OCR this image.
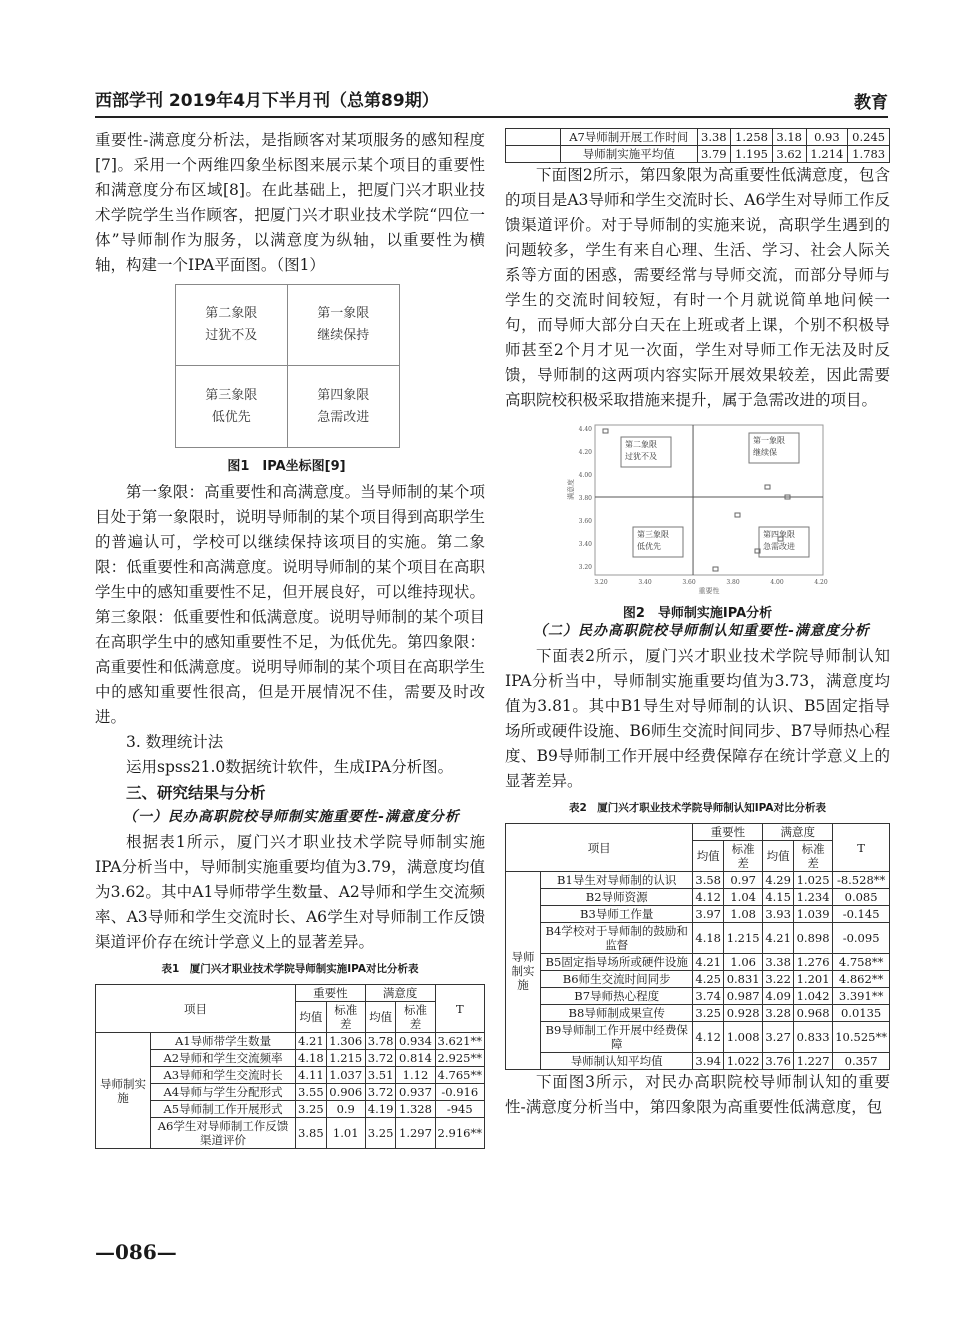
西部学刊 2019年4月下半月刊（总第89期）	教育

重要性-满意度分析法，是指顾客对某项服务的感知程度[7]。采用一个两维四象坐标图来展示某个项目的重要性和满意度分布区域[8]。在此基础上，把厦门兴才职业技术学院学生当作顾客，把厦门兴才职业技术学院“四位一体”导师制作为服务，以满意度为纵轴，以重要性为横轴，构建一个IPA平面图。（图1）

第二象限
过犹不及
第一象限
继续保持
第三象限
低优先
第四象限
急需改进
图1　IPA坐标图[9]

第一象限：高重要性和高满意度。当导师制的某个项目处于第一象限时，说明导师制的某个项目得到高职学生的普遍认可，学校可以继续保持该项目的实施。第二象限：低重要性和高满意度。说明导师制的某个项目在高职学生中的感知重要性不足，但开展良好，可以维持现状。第三象限：低重要性和低满意度。说明导师制的某个项目在高职学生中的感知重要性不足，为低优先。第四象限：高重要性和低满意度。说明导师制的某个项目在高职学生中的感知重要性很高，但是开展情况不佳，需要及时改进。

3. 数理统计法

运用spss21.0数据统计软件，生成IPA分析图。

三、研究结果与分析

（一）民办高职院校导师制实施重要性-满意度分析

根据表1所示，厦门兴才职业技术学院导师制实施IPA分析当中，导师制实施重要均值为3.79，满意度均值为3.62。其中A1导师带学生数量、A2导师和学生交流频率、A3导师和学生交流时长、A6学生对导师制工作反馈渠道评价存在统计学意义上的显著差异。

表1　厦门兴才职业技术学院导师制实施IPA对比分析表
项目		重要性		满意度		T
		均值	标准差	均值	标准差	
导师制实施	A1导师带学生数量	4.21	1.306	3.78	0.934	3.621**
	A2导师和学生交流频率	4.18	1.215	3.72	0.814	2.925**
	A3导师和学生交流时长	4.11	1.037	3.51	1.12	4.765**
	A4导师与学生分配形式	3.55	0.906	3.72	0.937	-0.916
	A5导师制工作开展形式	3.25	0.9	4.19	1.328	-945
	A6学生对导师制工作反馈渠道评价	3.85	1.01	3.25	1.297	2.916**
	A7导师制开展工作时间	3.38	1.258	3.18	0.93	0.245
	导师制实施平均值	3.79	1.195	3.62	1.214	1.783

下面图2所示，第四象限为高重要性低满意度，包含的项目是A3导师和学生交流时长、A6学生对导师工作反馈渠道评价。对于导师制的实施来说，高职学生遇到的问题较多，学生有来自心理、生活、学习、社会人际关系等方面的困惑，需要经常与导师交流，而部分导师与学生的交流时间较短，有时一个月就说简单地问候一句，而导师大部分白天在上班或者上课，个别不积极导师甚至2个月才见一次面，学生对导师工作无法及时反馈，导师制的这两项内容实际开展效果较差，因此需要高职院校积极采取措施来提升，属于急需改进的项目。

第二象限
过犹不及
第一象限
继续保
第三象限
低优先
第四象限
急需改进
4.40
4.20
4.00
3.80
3.60
3.40
3.20
3.20	3.40	3.60	3.80	4.00	4.20
满意度
重要性
图2　导师制实施IPA分析

（二）民办高职院校导师制认知重要性-满意度分析

下面表2所示，厦门兴才职业技术学院导师制认知IPA分析当中，导师制实施重要均值为3.73，满意度均值为3.81。其中B1导生对导师制的认识、B5固定指导场所或硬件设施、B6师生交流时间同步、B7导师热心程度、B9导师制工作开展中经费保障存在统计学意义上的显著差异。

表2　厦门兴才职业技术学院导师制认知IPA对比分析表
项目		重要性		满意度		T
		均值	标准差	均值	标准差	
导师制实施	B1导生对导师制的认识	3.58	0.97	4.29	1.025	-8.528**
	B2导师资源	4.12	1.04	4.15	1.234	0.085
	B3导师工作量	3.97	1.08	3.93	1.039	-0.145
	B4学校对于导师制的鼓励和监督	4.18	1.215	4.21	0.898	-0.095
	B5固定指导场所或硬件设施	4.21	1.06	3.38	1.276	4.758**
	B6师生交流时间同步	4.25	0.831	3.22	1.201	4.862**
	B7导师热心程度	3.74	0.987	4.09	1.042	3.391**
	B8导师制成果宣传	3.25	0.928	3.28	0.968	0.0135
	B9导师制工作开展中经费保障	4.12	1.008	3.27	0.833	10.525**
	导师制认知平均值	3.94	1.022	3.76	1.227	0.357

下面图3所示，对民办高职院校导师制认知的重要性-满意度分析当中，第四象限为高重要性低满意度，包

—086—
